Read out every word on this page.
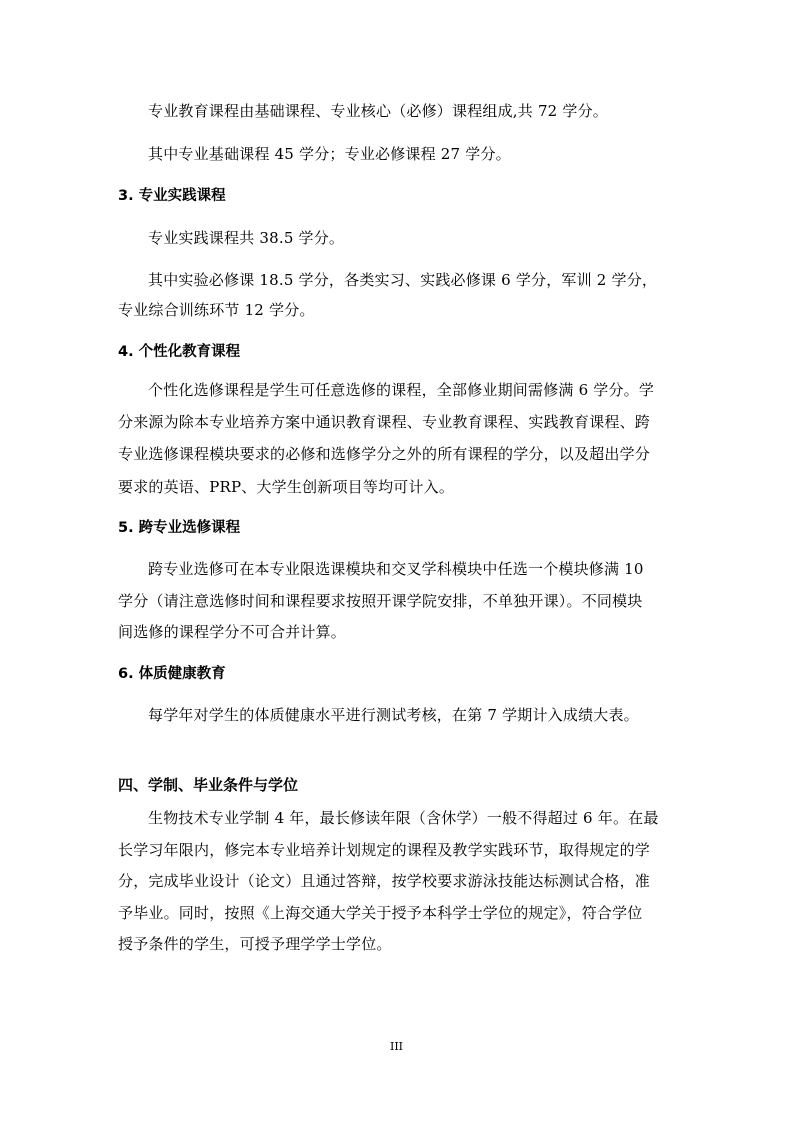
专业教育课程由基础课程、专业核心（必修）课程组成,共 72 学分。
其中专业基础课程 45 学分；专业必修课程 27 学分。
3. 专业实践课程
专业实践课程共 38.5 学分。
其中实验必修课 18.5 学分，各类实习、实践必修课 6 学分，军训 2 学分，
专业综合训练环节 12 学分。
4. 个性化教育课程
个性化选修课程是学生可任意选修的课程，全部修业期间需修满 6 学分。学
分来源为除本专业培养方案中通识教育课程、专业教育课程、实践教育课程、跨
专业选修课程模块要求的必修和选修学分之外的所有课程的学分，以及超出学分
要求的英语、PRP、大学生创新项目等均可计入。
5. 跨专业选修课程
跨专业选修可在本专业限选课模块和交叉学科模块中任选一个模块修满 10
学分（请注意选修时间和课程要求按照开课学院安排，不单独开课）。不同模块
间选修的课程学分不可合并计算。
6. 体质健康教育
每学年对学生的体质健康水平进行测试考核，在第 7 学期计入成绩大表。
四、学制、毕业条件与学位
生物技术专业学制 4 年，最长修读年限（含休学）一般不得超过 6 年。在最
长学习年限内，修完本专业培养计划规定的课程及教学实践环节，取得规定的学
分，完成毕业设计（论文）且通过答辩，按学校要求游泳技能达标测试合格，准
予毕业。同时，按照《上海交通大学关于授予本科学士学位的规定》，符合学位
授予条件的学生，可授予理学学士学位。
III
